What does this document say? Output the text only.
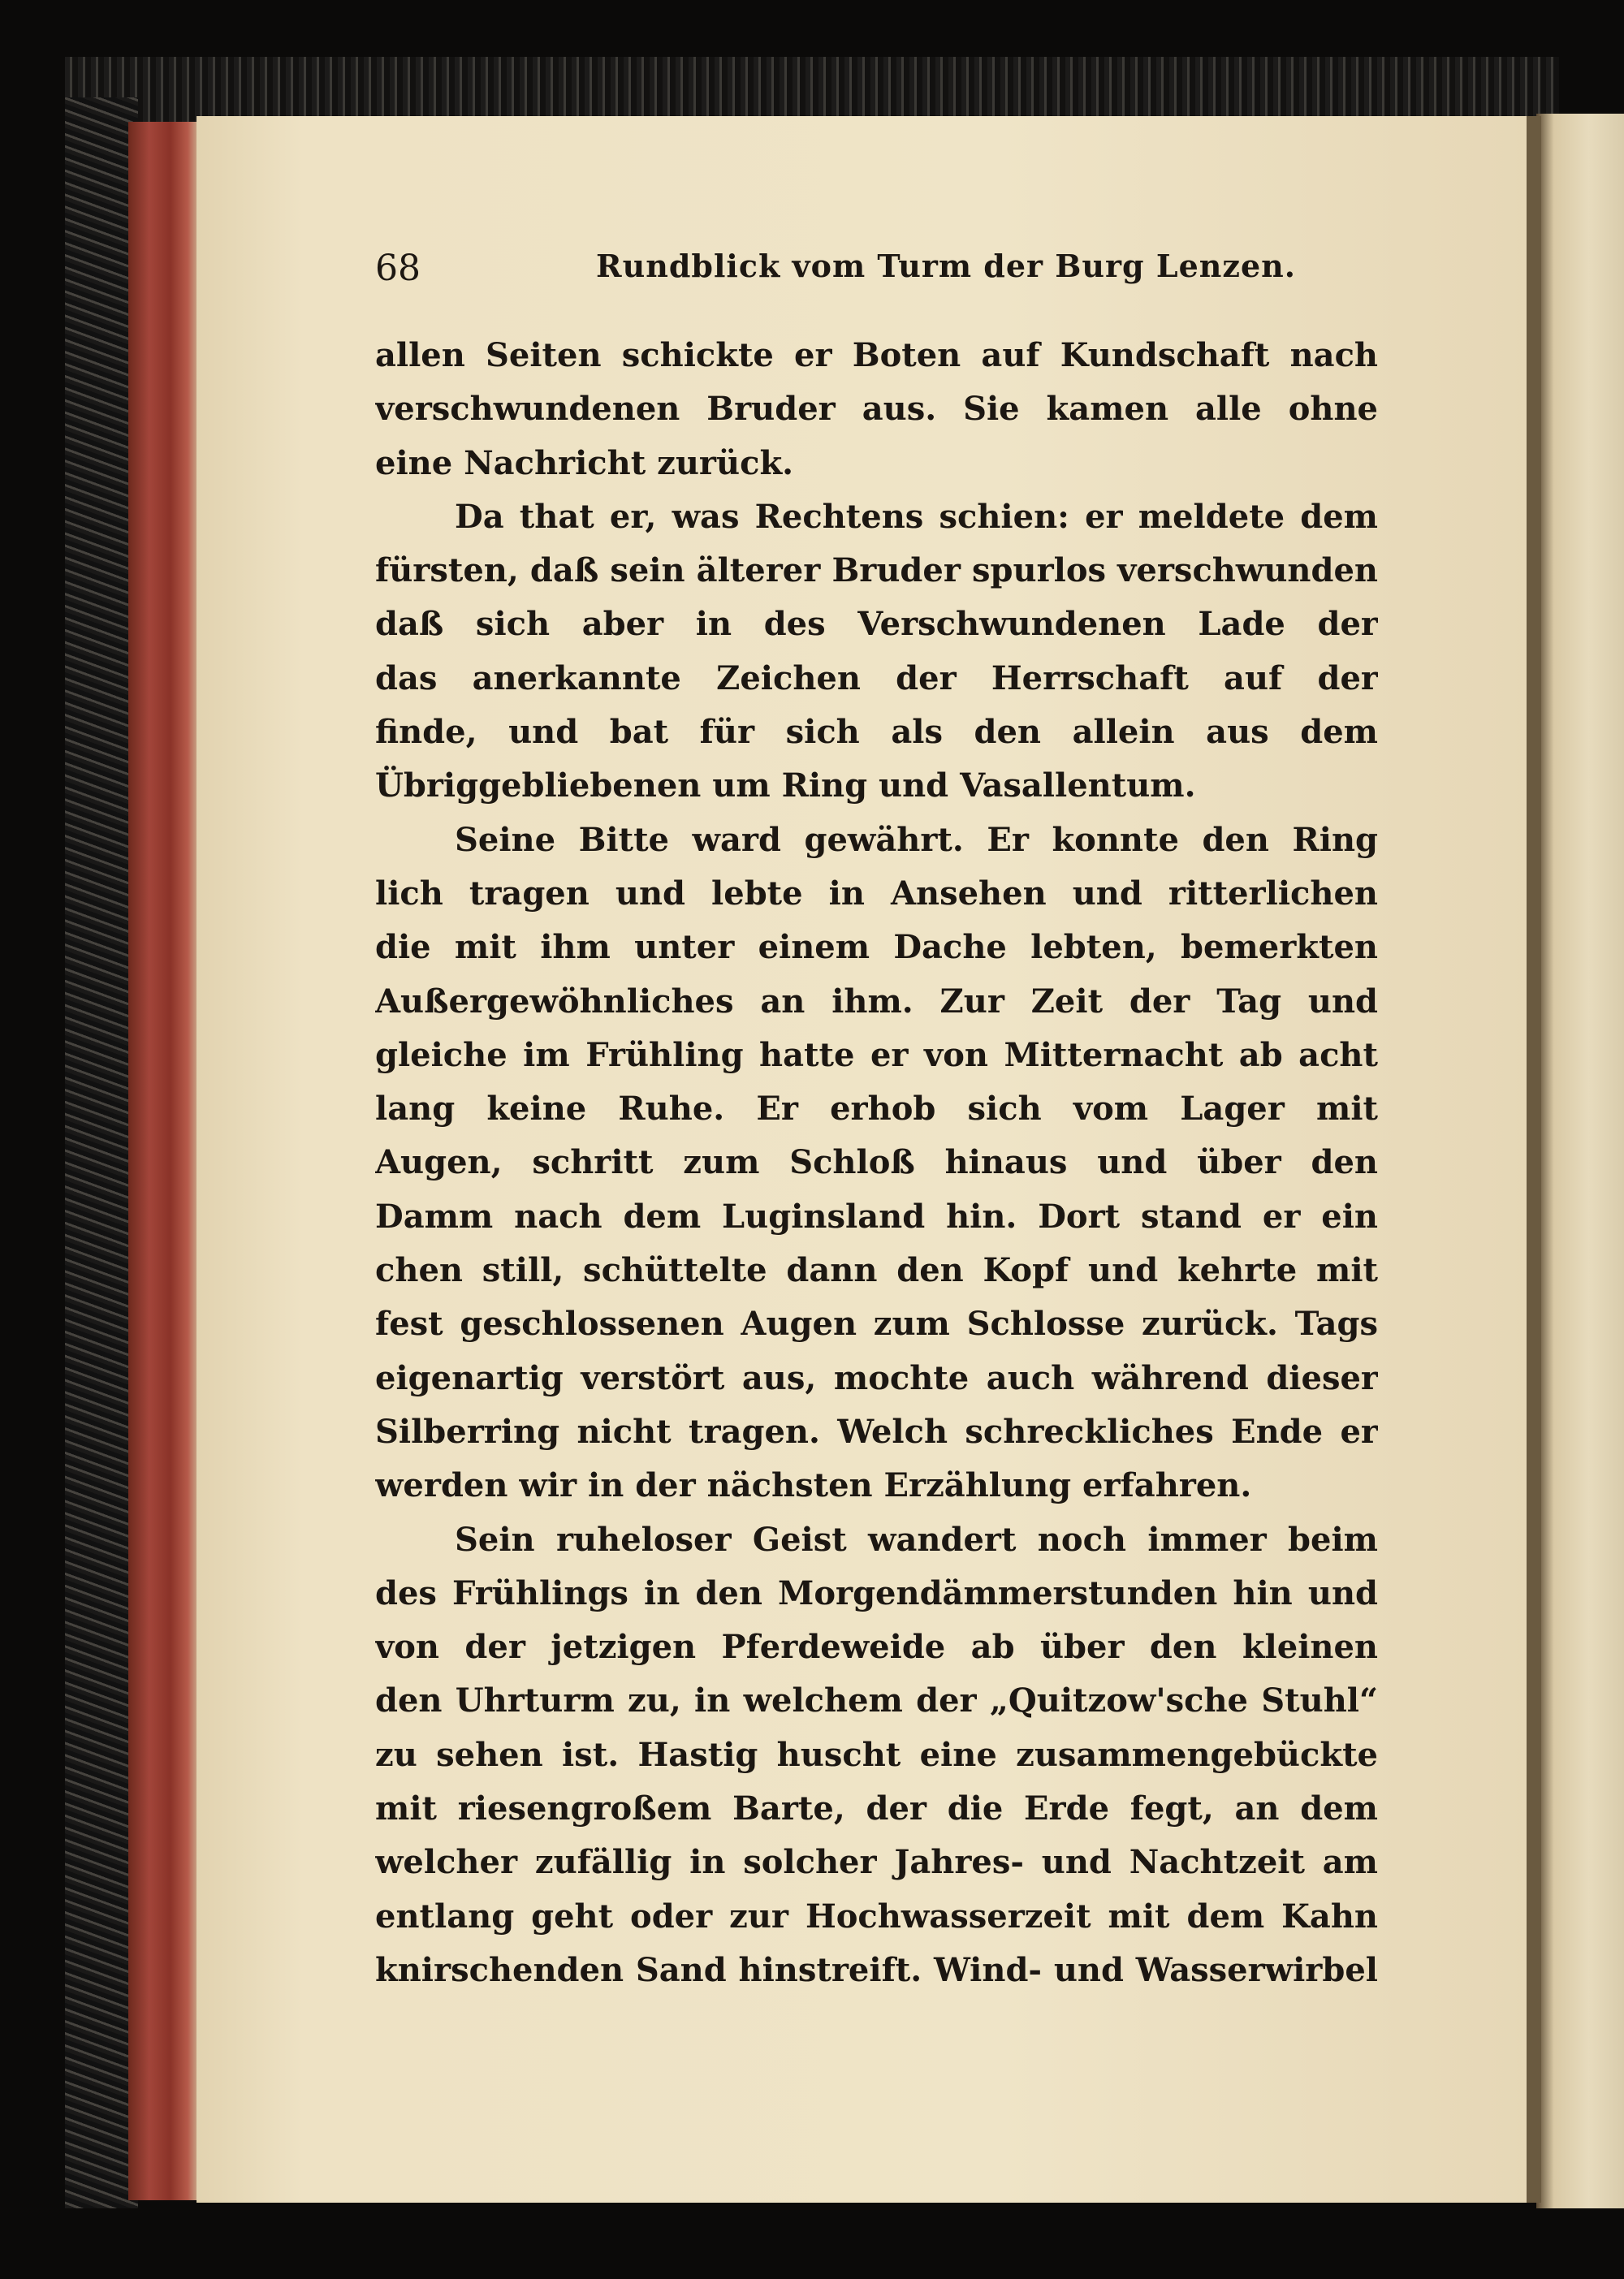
68	Rundblick vom Turm der Burg Lenzen.
allen Seiten schickte er Boten auf Kundschaft nach
verschwundenen Bruder aus. Sie kamen alle ohne
eine Nachricht zurück.
Da that er, was Rechtens schien: er meldete dem
fürsten, daß sein älterer Bruder spurlos verschwunden
daß sich aber in des Verschwundenen Lade der
das anerkannte Zeichen der Herrschaft auf der
finde, und bat für sich als den allein aus dem
Übriggebliebenen um Ring und Vasallentum.
Seine Bitte ward gewährt. Er konnte den Ring
lich tragen und lebte in Ansehen und ritterlichen
die mit ihm unter einem Dache lebten, bemerkten
Außergewöhnliches an ihm. Zur Zeit der Tag und
gleiche im Frühling hatte er von Mitternacht ab acht
lang keine Ruhe. Er erhob sich vom Lager mit
Augen, schritt zum Schloß hinaus und über den
Damm nach dem Luginsland hin. Dort stand er ein
chen still, schüttelte dann den Kopf und kehrte mit
fest geschlossenen Augen zum Schlosse zurück. Tags
eigenartig verstört aus, mochte auch während dieser
Silberring nicht tragen. Welch schreckliches Ende er
werden wir in der nächsten Erzählung erfahren.
Sein ruheloser Geist wandert noch immer beim
des Frühlings in den Morgendämmerstunden hin und
von der jetzigen Pferdeweide ab über den kleinen
den Uhrturm zu, in welchem der „Quitzow'sche Stuhl“
zu sehen ist. Hastig huscht eine zusammengebückte
mit riesengroßem Barte, der die Erde fegt, an dem
welcher zufällig in solcher Jahres- und Nachtzeit am
entlang geht oder zur Hochwasserzeit mit dem Kahn
knirschenden Sand hinstreift. Wind- und Wasserwirbel
